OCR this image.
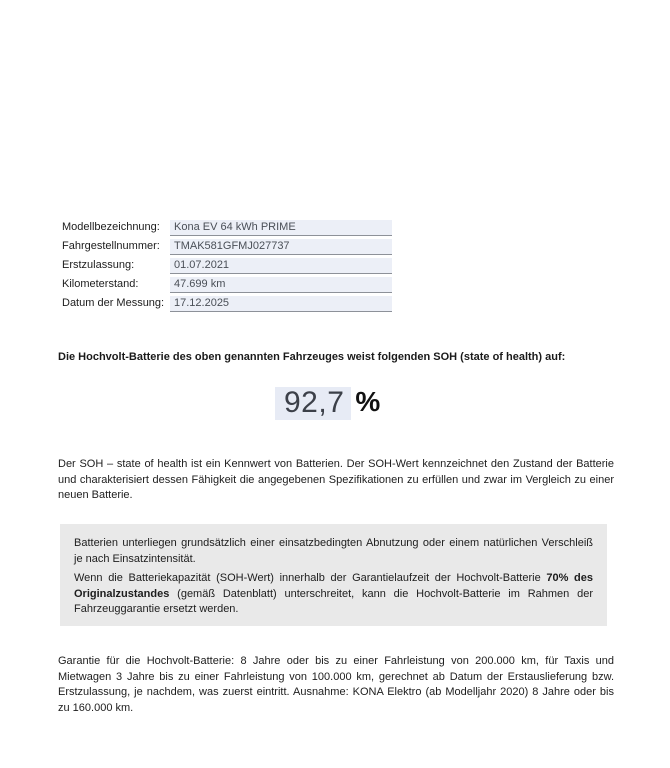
Modellbezeichnung:
Kona EV 64 kWh PRIME
Fahrgestellnummer:
TMAK581GFMJ027737
Erstzulassung:
01.07.2021
Kilometerstand:
47.699 km
Datum der Messung:
17.12.2025
Die Hochvolt-Batterie des oben genannten Fahrzeuges weist folgenden SOH (state of health) auf:
92,7 %

Der SOH – state of health ist ein Kennwert von Batterien. Der SOH-Wert kennzeichnet den Zustand der Batterie und charakterisiert dessen Fähigkeit die angegebenen Spezifikationen zu erfüllen und zwar im Vergleich zu einer neuen Batterie.

Batterien unterliegen grundsätzlich einer einsatzbedingten Abnutzung oder einem natürlichen Verschleiß je nach Einsatzintensität.

Wenn die Batteriekapazität (SOH-Wert) innerhalb der Garantielaufzeit der Hochvolt-Batterie 70% des Originalzustandes (gemäß Datenblatt) unterschreitet, kann die Hochvolt-Batterie im Rahmen der Fahrzeuggarantie ersetzt werden.

Garantie für die Hochvolt-Batterie: 8 Jahre oder bis zu einer Fahrleistung von 200.000 km, für Taxis und Mietwagen 3 Jahre bis zu einer Fahrleistung von 100.000 km, gerechnet ab Datum der Erstauslieferung bzw. Erstzulassung, je nachdem, was zuerst eintritt. Ausnahme: KONA Elektro (ab Modelljahr 2020) 8 Jahre oder bis zu 160.000 km.
